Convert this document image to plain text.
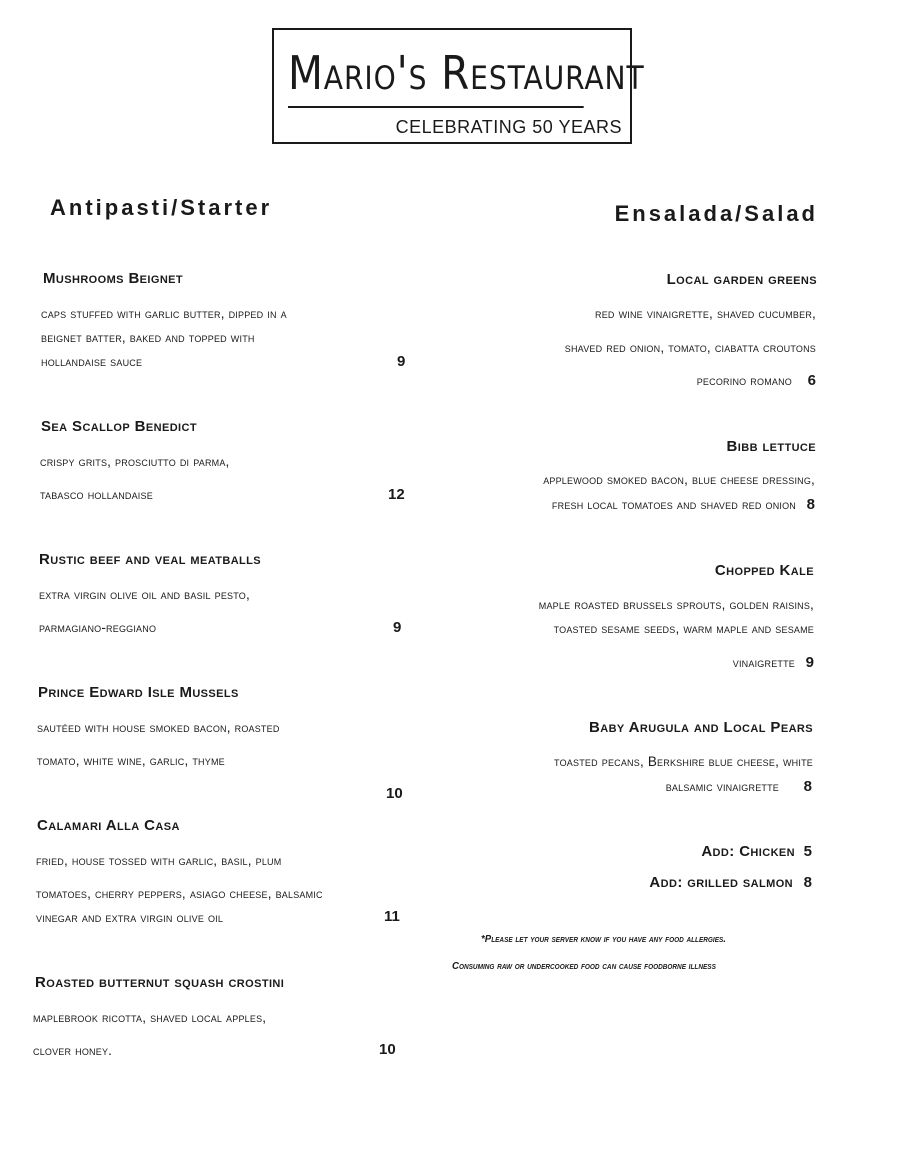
Mario's Restaurant
CELEBRATING 50 YEARS
Antipasti/Starter	Ensalada/Salad
Mushrooms Beignet
caps stuffed with garlic butter, dipped in a
beignet batter, baked and topped with
hollandaise sauce	9
Sea Scallop Benedict
crispy grits, prosciutto di parma,
tabasco hollandaise	12
Rustic beef and veal meatballs
extra virgin olive oil and basil pesto,
parmagiano-reggiano	9
Prince Edward Isle Mussels
sautéed with house smoked bacon, roasted
tomato, white wine, garlic, thyme
10
Calamari Alla Casa
fried, house tossed with garlic, basil, plum
tomatoes, cherry peppers, asiago cheese, balsamic
vinegar and extra virgin olive oil	11
Roasted butternut squash crostini
maplebrook ricotta, shaved local apples,
clover honey.	10
Local garden greens
red wine vinaigrette, shaved cucumber,
shaved red onion, tomato, ciabatta croutons
pecorino romano 6
Bibb lettuce
applewood smoked bacon, blue cheese dressing,
fresh local tomatoes and shaved red onion 8
Chopped Kale
maple roasted brussels sprouts, golden raisins,
toasted sesame seeds, warm maple and sesame
vinaigrette 9
Baby Arugula and Local Pears
toasted pecans, Berkshire blue cheese, white
balsamic vinaigrette 8
Add: Chicken 5
Add: grilled salmon 8
*Please let your server know if you have any food allergies.
Consuming raw or undercooked food can cause foodborne illness
